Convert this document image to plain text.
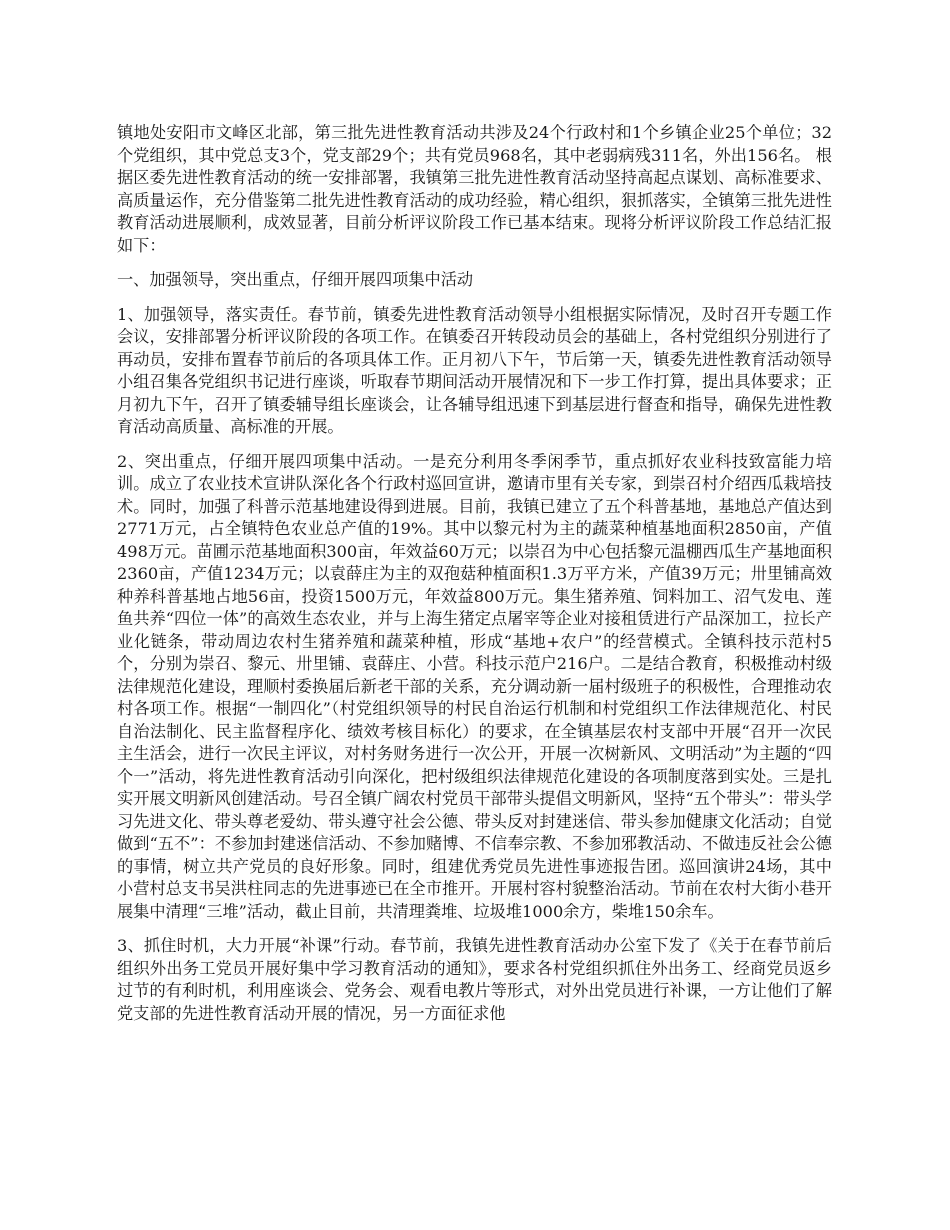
镇地处安阳市文峰区北部，第三批先进性教育活动共涉及24个行政村和1个乡镇企业25个单位；32个党组织，其中党总支3个，党支部29个；共有党员968名，其中老弱病残311名，外出156名。 根据区委先进性教育活动的统一安排部署，我镇第三批先进性教育活动坚持高起点谋划、高标准要求、高质量运作，充分借鉴第二批先进性教育活动的成功经验，精心组织，狠抓落实，全镇第三批先进性教育活动进展顺利，成效显著，目前分析评议阶段工作已基本结束。现将分析评议阶段工作总结汇报如下：

一、加强领导，突出重点，仔细开展四项集中活动

1、加强领导，落实责任。春节前，镇委先进性教育活动领导小组根据实际情况，及时召开专题工作会议，安排部署分析评议阶段的各项工作。在镇委召开转段动员会的基础上，各村党组织分别进行了再动员，安排布置春节前后的各项具体工作。正月初八下午，节后第一天，镇委先进性教育活动领导小组召集各党组织书记进行座谈，听取春节期间活动开展情况和下一步工作打算，提出具体要求；正月初九下午，召开了镇委辅导组长座谈会，让各辅导组迅速下到基层进行督查和指导，确保先进性教育活动高质量、高标准的开展。

2、突出重点，仔细开展四项集中活动。一是充分利用冬季闲季节，重点抓好农业科技致富能力培训。成立了农业技术宣讲队深化各个行政村巡回宣讲，邀请市里有关专家，到崇召村介绍西瓜栽培技术。同时，加强了科普示范基地建设得到进展。目前，我镇已建立了五个科普基地，基地总产值达到2771万元，占全镇特色农业总产值的19%。其中以黎元村为主的蔬菜种植基地面积2850亩，产值498万元。苗圃示范基地面积300亩，年效益60万元；以崇召为中心包括黎元温棚西瓜生产基地面积2360亩，产值1234万元；以袁薛庄为主的双孢菇种植面积1.3万平方米，产值39万元；卅里铺高效种养科普基地占地56亩，投资1500万元，年效益800万元。集生猪养殖、饲料加工、沼气发电、莲鱼共养“四位一体”的高效生态农业，并与上海生猪定点屠宰等企业对接租赁进行产品深加工，拉长产业化链条，带动周边农村生猪养殖和蔬菜种植，形成“基地+农户”的经营模式。全镇科技示范村5个，分别为崇召、黎元、卅里铺、袁薛庄、小营。科技示范户216户。二是结合教育，积极推动村级法律规范化建设，理顺村委换届后新老干部的关系，充分调动新一届村级班子的积极性，合理推动农村各项工作。根据“一制四化”（村党组织领导的村民自治运行机制和村党组织工作法律规范化、村民自治法制化、民主监督程序化、绩效考核目标化）的要求，在全镇基层农村支部中开展“召开一次民主生活会，进行一次民主评议，对村务财务进行一次公开，开展一次树新风、文明活动”为主题的“四个一”活动，将先进性教育活动引向深化，把村级组织法律规范化建设的各项制度落到实处。三是扎实开展文明新风创建活动。号召全镇广阔农村党员干部带头提倡文明新风，坚持“五个带头”：带头学习先进文化、带头尊老爱幼、带头遵守社会公德、带头反对封建迷信、带头参加健康文化活动；自觉做到“五不”：不参加封建迷信活动、不参加赌博、不信奉宗教、不参加邪教活动、不做违反社会公德的事情，树立共产党员的良好形象。同时，组建优秀党员先进性事迹报告团。巡回演讲24场，其中小营村总支书吴洪柱同志的先进事迹已在全市推开。开展村容村貌整治活动。节前在农村大街小巷开展集中清理“三堆”活动，截止目前，共清理粪堆、垃圾堆1000余方，柴堆150余车。

3、抓住时机，大力开展“补课”行动。春节前，我镇先进性教育活动办公室下发了《关于在春节前后组织外出务工党员开展好集中学习教育活动的通知》，要求各村党组织抓住外出务工、经商党员返乡过节的有利时机，利用座谈会、党务会、观看电教片等形式，对外出党员进行补课，一方让他们了解党支部的先进性教育活动开展的情况，另一方面征求他
